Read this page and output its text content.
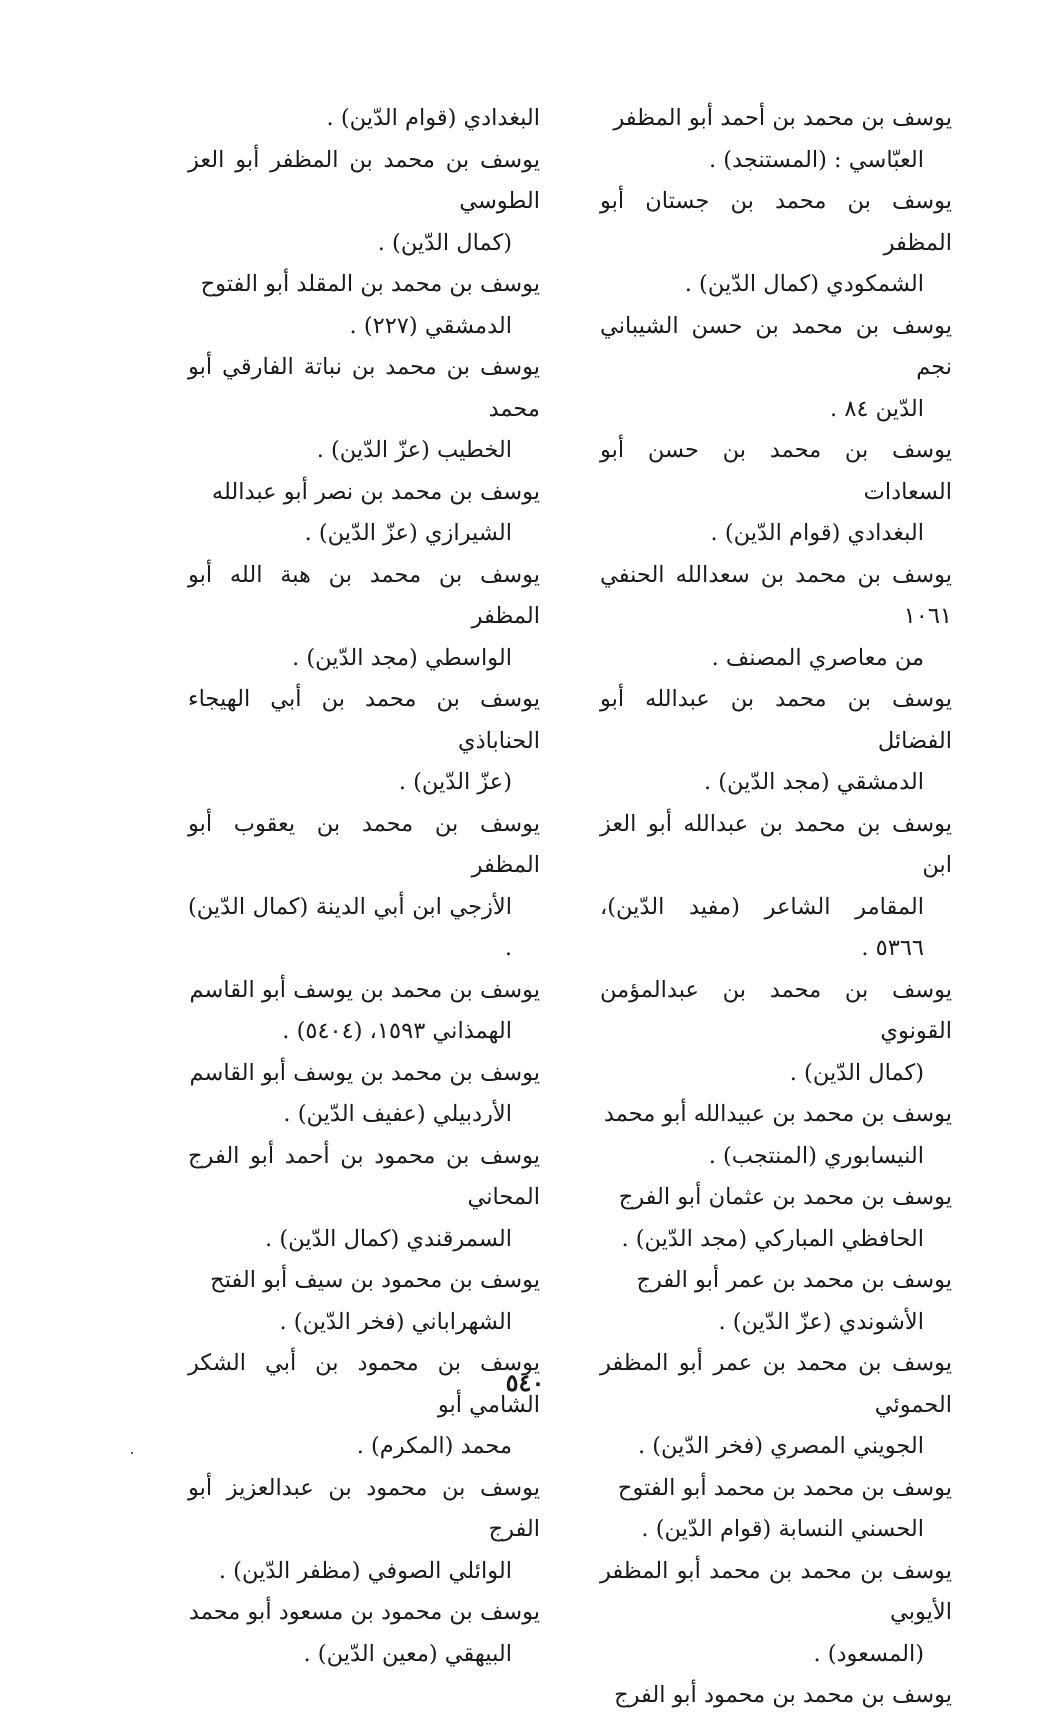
يوسف بن محمد بن أحمد أبو المظفر
العبّاسي : (المستنجد) .
يوسف بن محمد بن جستان أبو المظفر
الشمكودي (كمال الدّين) .
يوسف بن محمد بن حسن الشيباني نجم
الدّين ٨٤ .
يوسف بن محمد بن حسن أبو السعادات
البغدادي (قوام الدّين) .
يوسف بن محمد بن سعدالله الحنفي ١٠٦١
من معاصري المصنف .
يوسف بن محمد بن عبدالله أبو الفضائل
الدمشقي (مجد الدّين) .
يوسف بن محمد بن عبدالله أبو العز ابن
المقامر الشاعر (مفيد الدّين)، ٥٣٦٦ .
يوسف بن محمد بن عبدالمؤمن القونوي
(كمال الدّين) .
يوسف بن محمد بن عبيدالله أبو محمد
النيسابوري (المنتجب) .
يوسف بن محمد بن عثمان أبو الفرج
الحافظي المباركي (مجد الدّين) .
يوسف بن محمد بن عمر أبو الفرج
الأشوندي (عزّ الدّين) .
يوسف بن محمد بن عمر أبو المظفر الحموئي
الجويني المصري (فخر الدّين) .
يوسف بن محمد بن محمد أبو الفتوح
الحسني النسابة (قوام الدّين) .
يوسف بن محمد بن محمد أبو المظفر الأيوبي
(المسعود) .
يوسف بن محمد بن محمود أبو الفرج
البغدادي (قوام الدّين) .
يوسف بن محمد بن المظفر أبو العز الطوسي
(كمال الدّين) .
يوسف بن محمد بن المقلد أبو الفتوح
الدمشقي (٢٢٧) .
يوسف بن محمد بن نباتة الفارقي أبو محمد
الخطيب (عزّ الدّين) .
يوسف بن محمد بن نصر أبو عبدالله
الشيرازي (عزّ الدّين) .
يوسف بن محمد بن هبة الله أبو المظفر
الواسطي (مجد الدّين) .
يوسف بن محمد بن أبي الهيجاء الحناباذي
(عزّ الدّين) .
يوسف بن محمد بن يعقوب أبو المظفر
الأزجي ابن أبي الدينة (كمال الدّين) .
يوسف بن محمد بن يوسف أبو القاسم
الهمذاني ١٥٩٣، (٥٤٠٤) .
يوسف بن محمد بن يوسف أبو القاسم
الأردبيلي (عفيف الدّين) .
يوسف بن محمود بن أحمد أبو الفرج المحاني
السمرقندي (كمال الدّين) .
يوسف بن محمود بن سيف أبو الفتح
الشهراباني (فخر الدّين) .
يوسف بن محمود بن أبي الشكر الشامي أبو
محمد (المكرم) .
يوسف بن محمود بن عبدالعزيز أبو الفرج
الوائلي الصوفي (مظفر الدّين) .
يوسف بن محمود بن مسعود أبو محمد
البيهقي (معين الدّين) .
٥٤٠
